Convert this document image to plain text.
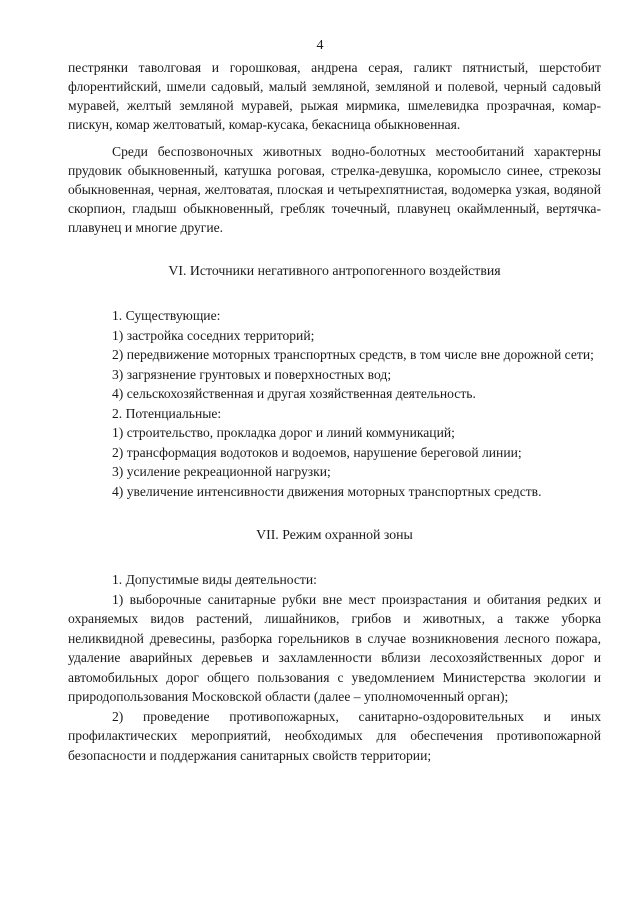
4

пестрянки таволговая и горошковая, андрена серая, галикт пятнистый, шерстобит флорентийский, шмели садовый, малый земляной, земляной и полевой, черный садовый муравей, желтый земляной муравей, рыжая мирмика, шмелевидка прозрачная, комар-пискун, комар желтоватый, комар-кусака, бекасница обыкновенная.

Среди беспозвоночных животных водно-болотных местообитаний характерны прудовик обыкновенный, катушка роговая, стрелка-девушка, коромысло синее, стрекозы обыкновенная, черная, желтоватая, плоская и четырехпятнистая, водомерка узкая, водяной скорпион, гладыш обыкновенный, гребляк точечный, плавунец окаймленный, вертячка-плавунец и многие другие.

VI. Источники негативного антропогенного воздействия

1. Существующие:

1) застройка соседних территорий;

2) передвижение моторных транспортных средств, в том числе вне дорожной сети;

3) загрязнение грунтовых и поверхностных вод;

4) сельскохозяйственная и другая хозяйственная деятельность.

2. Потенциальные:

1) строительство, прокладка дорог и линий коммуникаций;

2) трансформация водотоков и водоемов, нарушение береговой линии;

3) усиление рекреационной нагрузки;

4) увеличение интенсивности движения моторных транспортных средств.

VII. Режим охранной зоны

1. Допустимые виды деятельности:

1) выборочные санитарные рубки вне мест произрастания и обитания редких и охраняемых видов растений, лишайников, грибов и животных, а также уборка неликвидной древесины, разборка горельников в случае возникновения лесного пожара, удаление аварийных деревьев и захламленности вблизи лесохозяйственных дорог и автомобильных дорог общего пользования с уведомлением Министерства экологии и природопользования Московской области (далее – уполномоченный орган);

2) проведение противопожарных, санитарно-оздоровительных и иных профилактических мероприятий, необходимых для обеспечения противопожарной безопасности и поддержания санитарных свойств территории;
